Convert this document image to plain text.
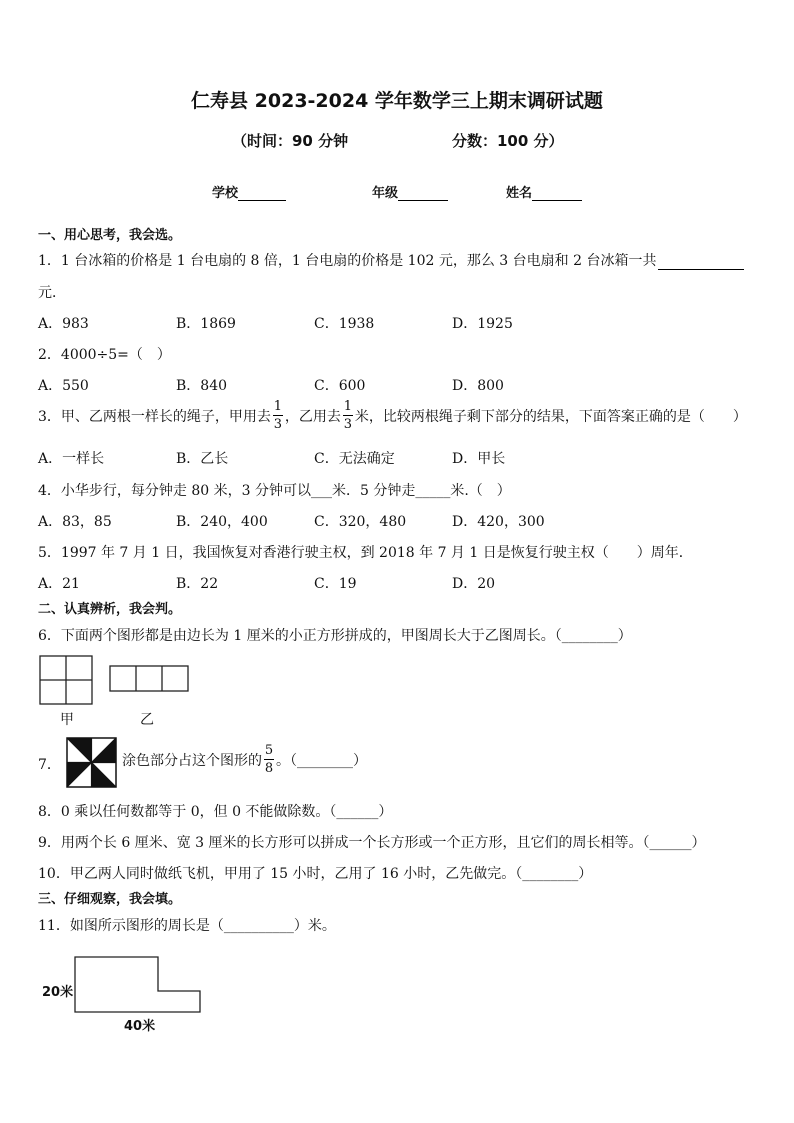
仁寿县 2023-2024 学年数学三上期末调研试题
（时间：90 分钟	分数：100 分）
学校	年级	姓名
一、用心思考，我会选。
1．1 台冰箱的价格是 1 台电扇的 8 倍，1 台电扇的价格是 102 元，那么 3 台电扇和 2 台冰箱一共
元．
A．983	B．1869	C．1938	D．1925
2．4000÷5=（　）
A．550	B．840	C．600	D．800
3．甲、乙两根一样长的绳子，甲用去 $\frac{1}{3}$ ，乙用去 $\frac{1}{3}$ 米，比较两根绳子剩下部分的结果，下面答案正确的是（　　）
A．一样长	B．乙长	C．无法确定	D．甲长
4．小华步行，每分钟走 80 米，3 分钟可以___米．5 分钟走_____米.（　）
A．83，85	B．240，400	C．320，480	D．420，300
5．1997 年 7 月 1 日，我国恢复对香港行驶主权，到 2018 年 7 月 1 日是恢复行驶主权（　　）周年．
A．21	B．22	C．19	D．20
二、认真辨析，我会判。
6．下面两个图形都是由边长为 1 厘米的小正方形拼成的，甲图周长大于乙图周长。（________）
甲	乙
7．	涂色部分占这个图形的 $\frac{5}{8}$ 。（________）
8．0 乘以任何数都等于 0，但 0 不能做除数。（______）
9．用两个长 6 厘米、宽 3 厘米的长方形可以拼成一个长方形或一个正方形，且它们的周长相等。（______）
10．甲乙两人同时做纸飞机，甲用了 15 小时，乙用了 16 小时，乙先做完。（________）
三、仔细观察，我会填。
11．如图所示图形的周长是（__________）米。
20米
40米
